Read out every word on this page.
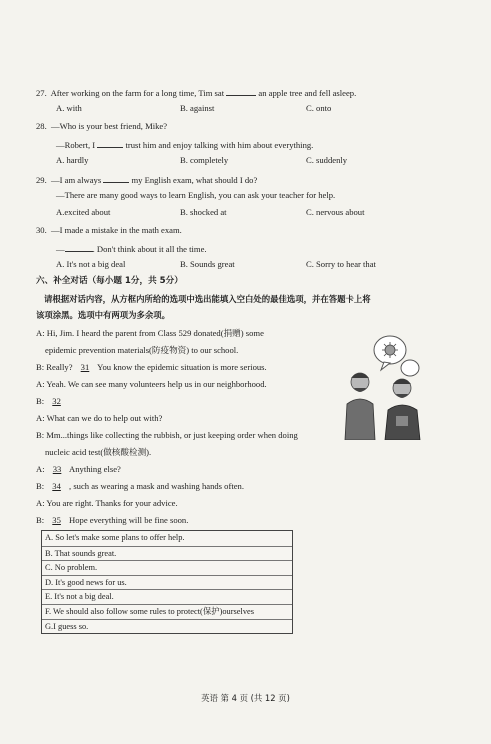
27. After working on the farm for a long time, Tim sat	an apple tree and fell asleep.
A. with	B. against	C. onto
28. —Who is your best friend, Mike?
—Robert, I	trust him and enjoy talking with him about everything.
A. hardly	B. completely	C. suddenly
29. —I am always	my English exam, what should I do?
—There are many good ways to learn English, you can ask your teacher for help.
A.excited about	B. shocked at	C. nervous about
30. —I made a mistake in the math exam.
—	. Don't think about it all the time.
A. It's not a big deal	B. Sounds great	C. Sorry to hear that
六、补全对话（每小题 1分，共 5分）
请根据对话内容，从方框内所给的选项中选出能填入空白处的最佳选项，并在答题卡上将
该项涂黑。选项中有两项为多余项。
A: Hi, Jim. I heard the parent from Class 529 donated(捐赠) some
epidemic prevention materials(防疫物资) to our school.
B: Really? 31 You know the epidemic situation is more serious.
A: Yeah. We can see many volunteers help us in our neighborhood.
B: 32
A: What can we do to help out with?
B: Mm...things like collecting the rubbish, or just keeping order when doing
nucleic acid test(做核酸检测).
A: 33 Anything else?
B: 34 , such as wearing a mask and washing hands often.
A: You are right. Thanks for your advice.
B: 35 Hope everything will be fine soon.
A. So let's make some plans to offer help.
B. That sounds great.
C. No problem.
D. It's good news for us.
E. It's not a big deal.
F. We should also follow some rules to protect(保护)ourselves
G.I guess so.
英语 第 4 页 (共 12 页)
